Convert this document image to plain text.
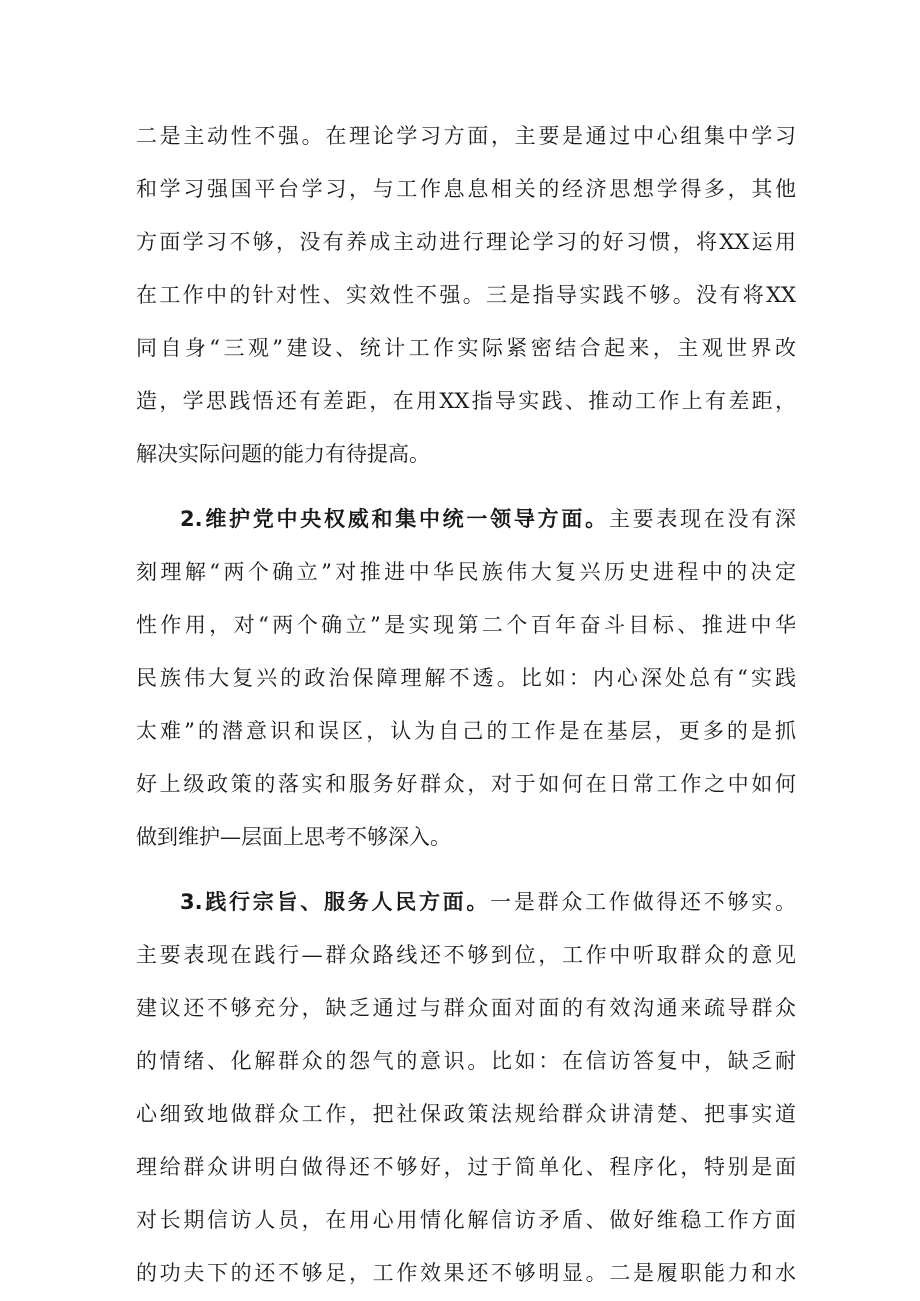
二是主动性不强。在理论学习方面，主要是通过中心组集中学习
和学习强国平台学习，与工作息息相关的经济思想学得多，其他
方面学习不够，没有养成主动进行理论学习的好习惯，将XX运用
在工作中的针对性、实效性不强。三是指导实践不够。没有将XX
同自身“三观”建设、统计工作实际紧密结合起来，主观世界改
造，学思践悟还有差距，在用XX指导实践、推动工作上有差距，
解决实际问题的能力有待提高。
2.维护党中央权威和集中统一领导方面。主要表现在没有深
刻理解“两个确立”对推进中华民族伟大复兴历史进程中的决定
性作用，对“两个确立”是实现第二个百年奋斗目标、推进中华
民族伟大复兴的政治保障理解不透。比如：内心深处总有“实践
太难”的潜意识和误区，认为自己的工作是在基层，更多的是抓
好上级政策的落实和服务好群众，对于如何在日常工作之中如何
做到维护—层面上思考不够深入。
3.践行宗旨、服务人民方面。一是群众工作做得还不够实。
主要表现在践行—群众路线还不够到位，工作中听取群众的意见
建议还不够充分，缺乏通过与群众面对面的有效沟通来疏导群众
的情绪、化解群众的怨气的意识。比如：在信访答复中，缺乏耐
心细致地做群众工作，把社保政策法规给群众讲清楚、把事实道
理给群众讲明白做得还不够好，过于简单化、程序化，特别是面
对长期信访人员，在用心用情化解信访矛盾、做好维稳工作方面
的功夫下的还不够足，工作效果还不够明显。二是履职能力和水
